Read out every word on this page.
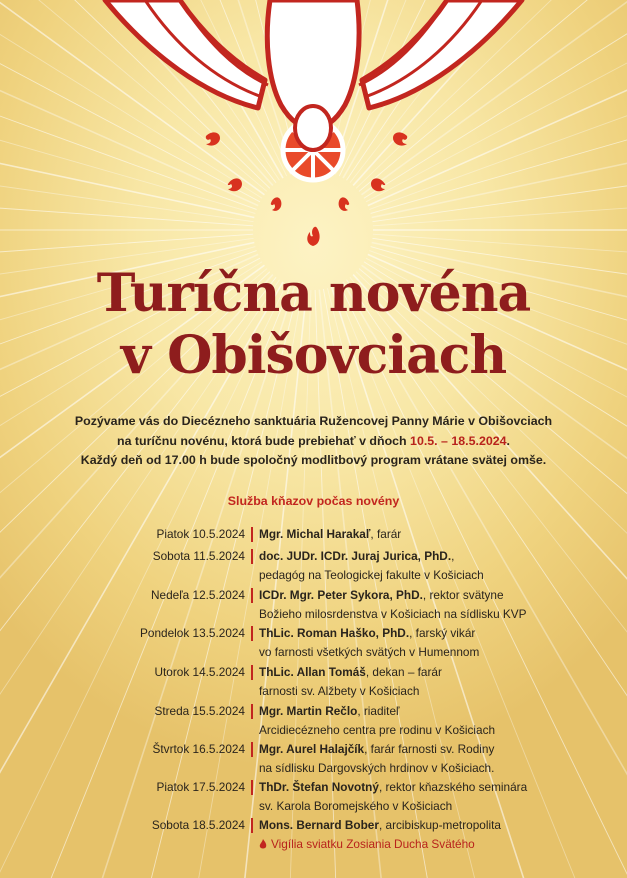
Turíčna novéna
v Obišovciach
Pozývame vás do Diecézneho sanktuária Ružencovej Panny Márie v Obišovciach
na turíčnu novénu, ktorá bude prebiehať v dňoch 10.5. – 18.5.2024.
Každý deň od 17.00 h bude spoločný modlitbový program vrátane svätej omše.
Služba kňazov počas novény
Piatok 10.5.2024 Mgr. Michal Harakaľ, farár
Sobota 11.5.2024 doc. JUDr. ICDr. Juraj Jurica, PhD.,
pedagóg na Teologickej fakulte v Košiciach
Nedeľa 12.5.2024 ICDr. Mgr. Peter Sykora, PhD., rektor svätyne
Božieho milosrdenstva v Košiciach na sídlisku KVP
Pondelok 13.5.2024 ThLic. Roman Haško, PhD., farský vikár
vo farnosti všetkých svätých v Humennom
Utorok 14.5.2024 ThLic. Allan Tomáš, dekan – farár
farnosti sv. Alžbety v Košiciach
Streda 15.5.2024 Mgr. Martin Rečlo, riaditeľ
Arcidiecézneho centra pre rodinu v Košiciach
Štvrtok 16.5.2024 Mgr. Aurel Halajčík, farár farnosti sv. Rodiny
na sídlisku Dargovských hrdinov v Košiciach.
Piatok 17.5.2024 ThDr. Štefan Novotný, rektor kňazského seminára
sv. Karola Boromejského v Košiciach
Sobota 18.5.2024 Mons. Bernard Bober, arcibiskup-metropolita
Vigília sviatku Zosiania Ducha Svätého
